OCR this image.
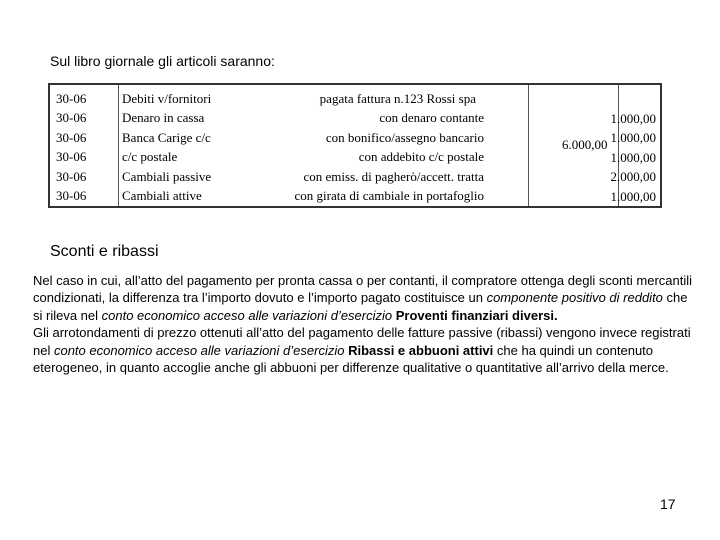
Sul libro giornale gli articoli saranno:
30-06
30-06
30-06
30-06
30-06
30-06
Debiti v/fornitori
Denaro in cassa
Banca Carige c/c
c/c postale
Cambiali passive
Cambiali attive
pagata fattura n.123 Rossi spa
con denaro contante
con bonifico/assegno bancario
con addebito c/c postale
con emiss. di pagherò/accett. tratta
con girata di cambiale in portafoglio
6.000,00
1.000,00
1.000,00
1.000,00
2.000,00
1.000,00
Sconti e ribassi

Nel caso in cui, all’atto del pagamento per pronta cassa o per contanti, il compratore ottenga degli sconti mercantili condizionati, la differenza tra l’importo dovuto e l’importo pagato costituisce un componente positivo di reddito che si rileva nel conto economico acceso alle variazioni d’esercizio Proventi finanziari diversi.

Gli arrotondamenti di prezzo ottenuti all’atto del pagamento delle fatture passive (ribassi) vengono invece registrati nel conto economico acceso alle variazioni d’esercizio Ribassi e abbuoni attivi che ha quindi un contenuto eterogeneo, in quanto accoglie anche gli abbuoni per differenze qualitative o quantitative all’arrivo della merce.

17
